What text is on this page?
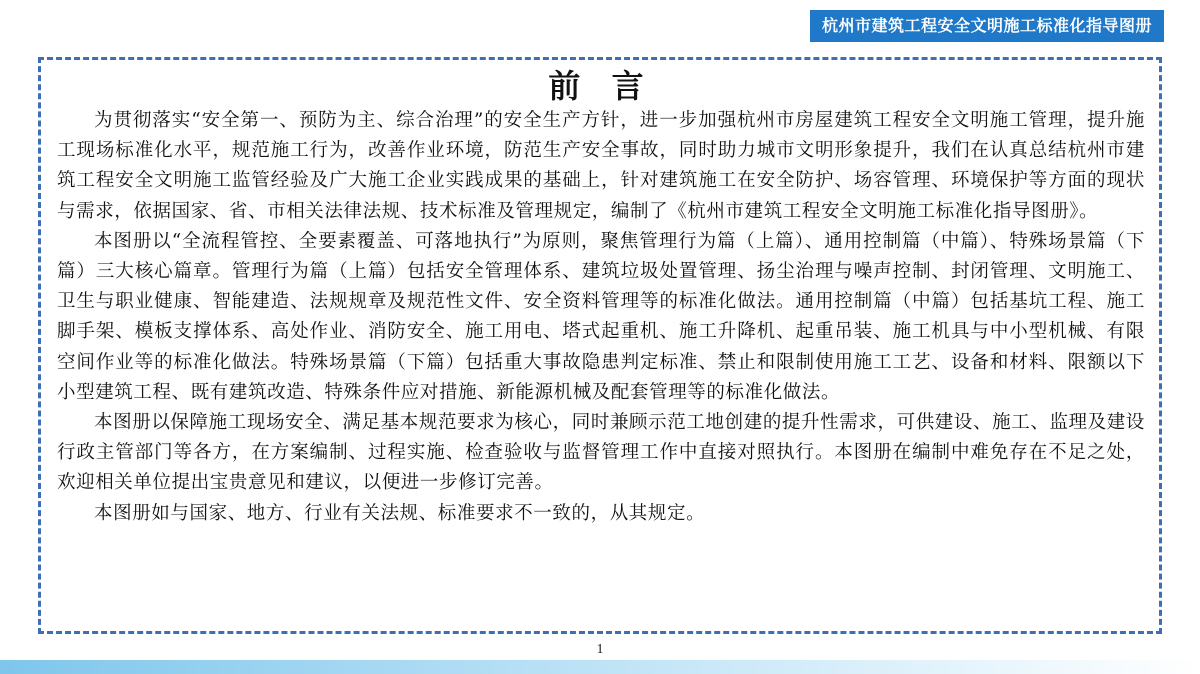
杭州市建筑工程安全文明施工标准化指导图册
前 言

为贯彻落实“安全第一、预防为主、综合治理”的安全生产方针，进一步加强杭州市房屋建筑工程安全文明施工管理，提升施工现场标准化水平，规范施工行为，改善作业环境，防范生产安全事故，同时助力城市文明形象提升，我们在认真总结杭州市建筑工程安全文明施工监管经验及广大施工企业实践成果的基础上，针对建筑施工在安全防护、场容管理、环境保护等方面的现状与需求，依据国家、省、市相关法律法规、技术标准及管理规定，编制了《杭州市建筑工程安全文明施工标准化指导图册》。

本图册以“全流程管控、全要素覆盖、可落地执行”为原则，聚焦管理行为篇（上篇）、通用控制篇（中篇）、特殊场景篇（下篇）三大核心篇章。管理行为篇（上篇）包括安全管理体系、建筑垃圾处置管理、扬尘治理与噪声控制、封闭管理、文明施工、卫生与职业健康、智能建造、法规规章及规范性文件、安全资料管理等的标准化做法。通用控制篇（中篇）包括基坑工程、施工脚手架、模板支撑体系、高处作业、消防安全、施工用电、塔式起重机、施工升降机、起重吊装、施工机具与中小型机械、有限空间作业等的标准化做法。特殊场景篇（下篇）包括重大事故隐患判定标准、禁止和限制使用施工工艺、设备和材料、限额以下小型建筑工程、既有建筑改造、特殊条件应对措施、新能源机械及配套管理等的标准化做法。

本图册以保障施工现场安全、满足基本规范要求为核心，同时兼顾示范工地创建的提升性需求，可供建设、施工、监理及建设行政主管部门等各方，在方案编制、过程实施、检查验收与监督管理工作中直接对照执行。本图册在编制中难免存在不足之处，欢迎相关单位提出宝贵意见和建议，以便进一步修订完善。

本图册如与国家、地方、行业有关法规、标准要求不一致的，从其规定。

1
